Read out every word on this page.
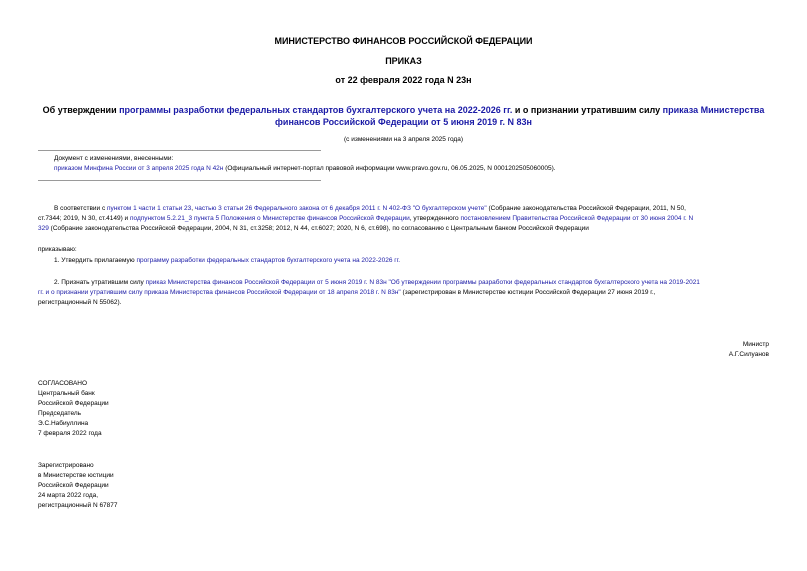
МИНИСТЕРСТВО ФИНАНСОВ РОССИЙСКОЙ ФЕДЕРАЦИИ
ПРИКАЗ
от 22 февраля 2022 года N 23н
Об утверждении программы разработки федеральных стандартов бухгалтерского учета на 2022-2026 гг. и о признании утратившим силу приказа Министерства
финансов Российской Федерации от 5 июня 2019 г. N 83н
(с изменениями на 3 апреля 2025 года)
Документ с изменениями, внесенными:
приказом Минфина России от 3 апреля 2025 года N 42н (Официальный интернет-портал правовой информации www.pravo.gov.ru, 06.05.2025, N 0001202505060005).
В соответствии с пунктом 1 части 1 статьи 23, частью 3 статьи 26 Федерального закона от 6 декабря 2011 г. N 402-ФЗ "О бухгалтерском учете" (Собрание законодательства Российской Федерации, 2011, N 50,
ст.7344; 2019, N 30, ст.4149) и подпунктом 5.2.21_3 пункта 5 Положения о Министерстве финансов Российской Федерации, утвержденного постановлением Правительства Российской Федерации от 30 июня 2004 г. N
329 (Собрание законодательства Российской Федерации, 2004, N 31, ст.3258; 2012, N 44, ст.6027; 2020, N 6, ст.698), по согласованию с Центральным банком Российской Федерации
приказываю:
1. Утвердить прилагаемую программу разработки федеральных стандартов бухгалтерского учета на 2022-2026 гг.
2. Признать утратившим силу приказ Министерства финансов Российской Федерации от 5 июня 2019 г. N 83н "Об утверждении программы разработки федеральных стандартов бухгалтерского учета на 2019-2021
гг. и о признании утратившим силу приказа Министерства финансов Российской Федерации от 18 апреля 2018 г. N 83н" (зарегистрирован в Министерстве юстиции Российской Федерации 27 июня 2019 г.,
регистрационный N 55062).
Министр
А.Г.Силуанов
СОГЛАСОВАНО
Центральный банк
Российской Федерации
Председатель
Э.С.Набиуллина
7 февраля 2022 года
Зарегистрировано
в Министерстве юстиции
Российской Федерации
24 марта 2022 года,
регистрационный N 67877
